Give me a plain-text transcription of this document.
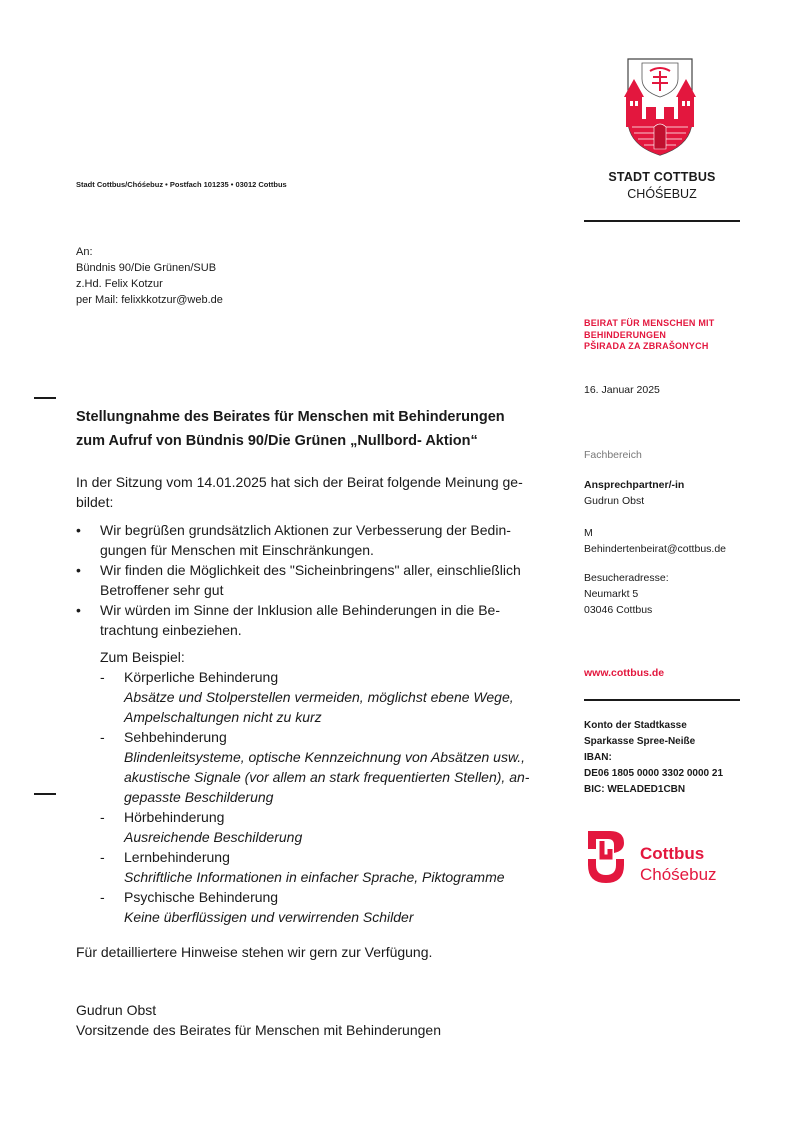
STADT COTTBUS
CHÓŚEBUZ
Stadt Cottbus/Chóśebuz • Postfach 101235 • 03012 Cottbus
An:
Bündnis 90/Die Grünen/SUB
z.Hd. Felix Kotzur
per Mail: felixkkotzur@web.de
BEIRAT FÜR MENSCHEN MIT
BEHINDERUNGEN
PŠIRADA ZA ZBRAŠONYCH
16. Januar 2025
Fachbereich
Ansprechpartner/-in
Gudrun Obst
M
Behindertenbeirat@cottbus.de
Besucheradresse:
Neumarkt 5
03046 Cottbus
www.cottbus.de
Konto der Stadtkasse
Sparkasse Spree-Neiße
IBAN:
DE06 1805 0000 3302 0000 21
BIC: WELADED1CBN
Cottbus
Chóśebuz
Stellungnahme des Beirates für Menschen mit Behinderungen
zum Aufruf von Bündnis 90/Die Grünen „Nullbord- Aktion“
In der Sitzung vom 14.01.2025 hat sich der Beirat folgende Meinung ge-
bildet:
• Wir begrüßen grundsätzlich Aktionen zur Verbesserung der Bedin-
gungen für Menschen mit Einschränkungen.
• Wir finden die Möglichkeit des "Sicheinbringens" aller, einschließlich
Betroffener sehr gut
• Wir würden im Sinne der Inklusion alle Behinderungen in die Be-
trachtung einbeziehen.
Zum Beispiel:
- Körperliche Behinderung
Absätze und Stolperstellen vermeiden, möglichst ebene Wege,
Ampelschaltungen nicht zu kurz
- Sehbehinderung
Blindenleitsysteme, optische Kennzeichnung von Absätzen usw.,
akustische Signale (vor allem an stark frequentierten Stellen), an-
gepasste Beschilderung
- Hörbehinderung
Ausreichende Beschilderung
- Lernbehinderung
Schriftliche Informationen in einfacher Sprache, Piktogramme
- Psychische Behinderung
Keine überflüssigen und verwirrenden Schilder
Für detailliertere Hinweise stehen wir gern zur Verfügung.
Gudrun Obst
Vorsitzende des Beirates für Menschen mit Behinderungen
